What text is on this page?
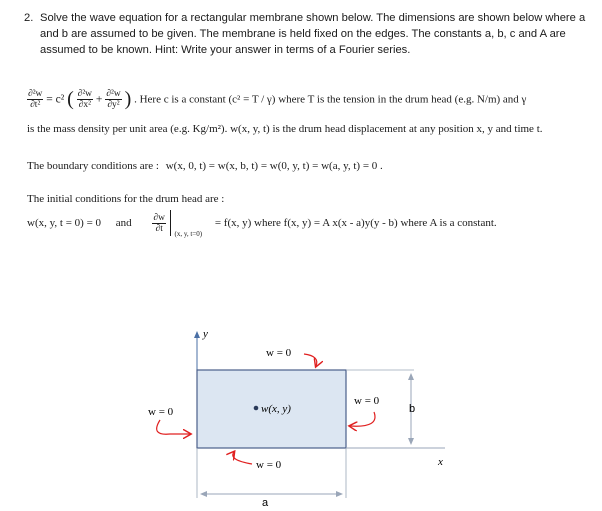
2. Solve the wave equation for a rectangular membrane shown below. The dimensions are shown below where a and b are assumed to be given. The membrane is held fixed on the edges. The constants a, b, c and A are assumed to be known. Hint: Write your answer in terms of a Fourier series.
$\frac{\text{∂²w}}{\text{∂t²}} = c^2$ ( $\frac{\text{∂²w}}{\text{∂x²}} + \frac{\text{∂²w}}{\text{∂y²}}$ ) . Here c is a constant (c² = T / γ) where T is the tension in the drum head (e.g. N/m) and γ
is the mass density per unit area (e.g. Kg/m²). w(x, y, t) is the drum head displacement at any position x, y and time t.
The boundary conditions are : w(x, 0, t) = w(x, b, t) = w(0, y, t) = w(a, y, t) = 0 .
The initial conditions for the drum head are :
w(x, y, t = 0) = 0 and $\frac{\partial w}{\partial t}$
$_{(x, y, t=0)}$ = f(x, y) where f(x, y) = A x(x - a)y(y - b) where A is a constant.
y
x
w = 0
w = 0
w = 0
w = 0
w(x, y)	b
a
